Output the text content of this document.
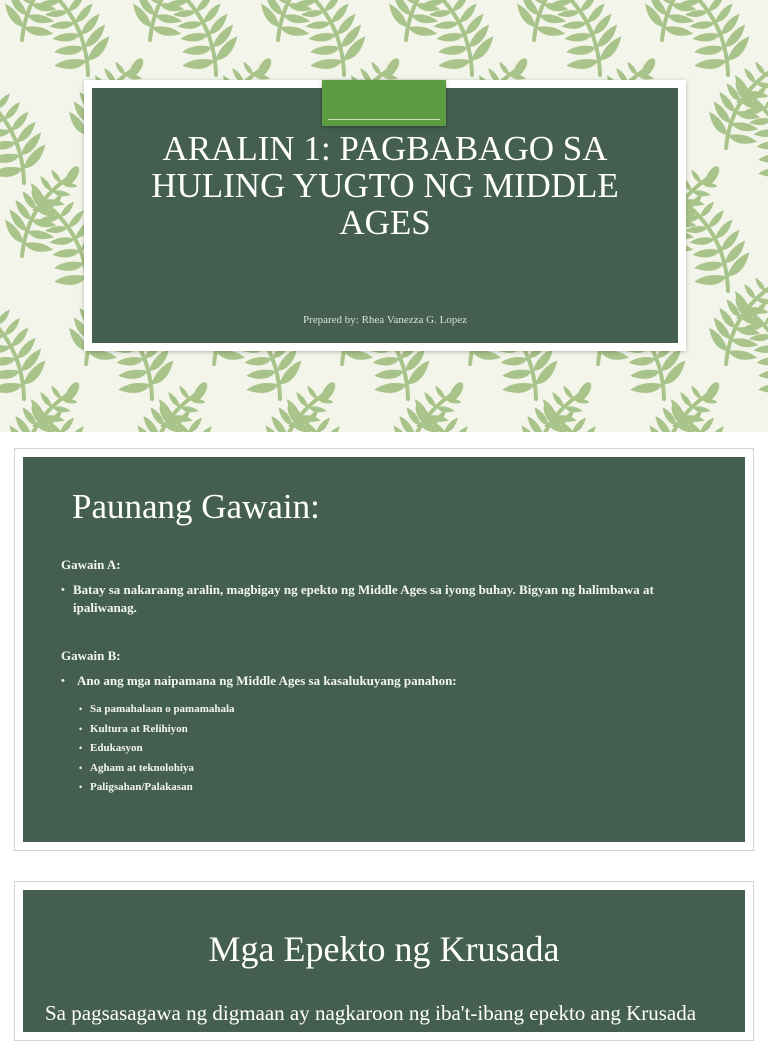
ARALIN 1: PAGBABAGO SA HULING YUGTO NG MIDDLE AGES
Prepared by: Rhea Vanezza G. Lopez
Paunang Gawain:
Gawain A:
• Batay sa nakaraang aralin, magbigay ng epekto ng Middle Ages sa iyong buhay. Bigyan ng halimbawa at ipaliwanag.
Gawain B:
• Ano ang mga naipamana ng Middle Ages sa kasalukuyang panahon:
• Sa pamahalaan o pamamahala
• Kultura at Relihiyon
• Edukasyon
• Agham at teknolohiya
• Paligsahan/Palakasan
Mga Epekto ng Krusada

Sa pagsasagawa ng digmaan ay nagkaroon ng iba't-ibang epekto ang Krusada
